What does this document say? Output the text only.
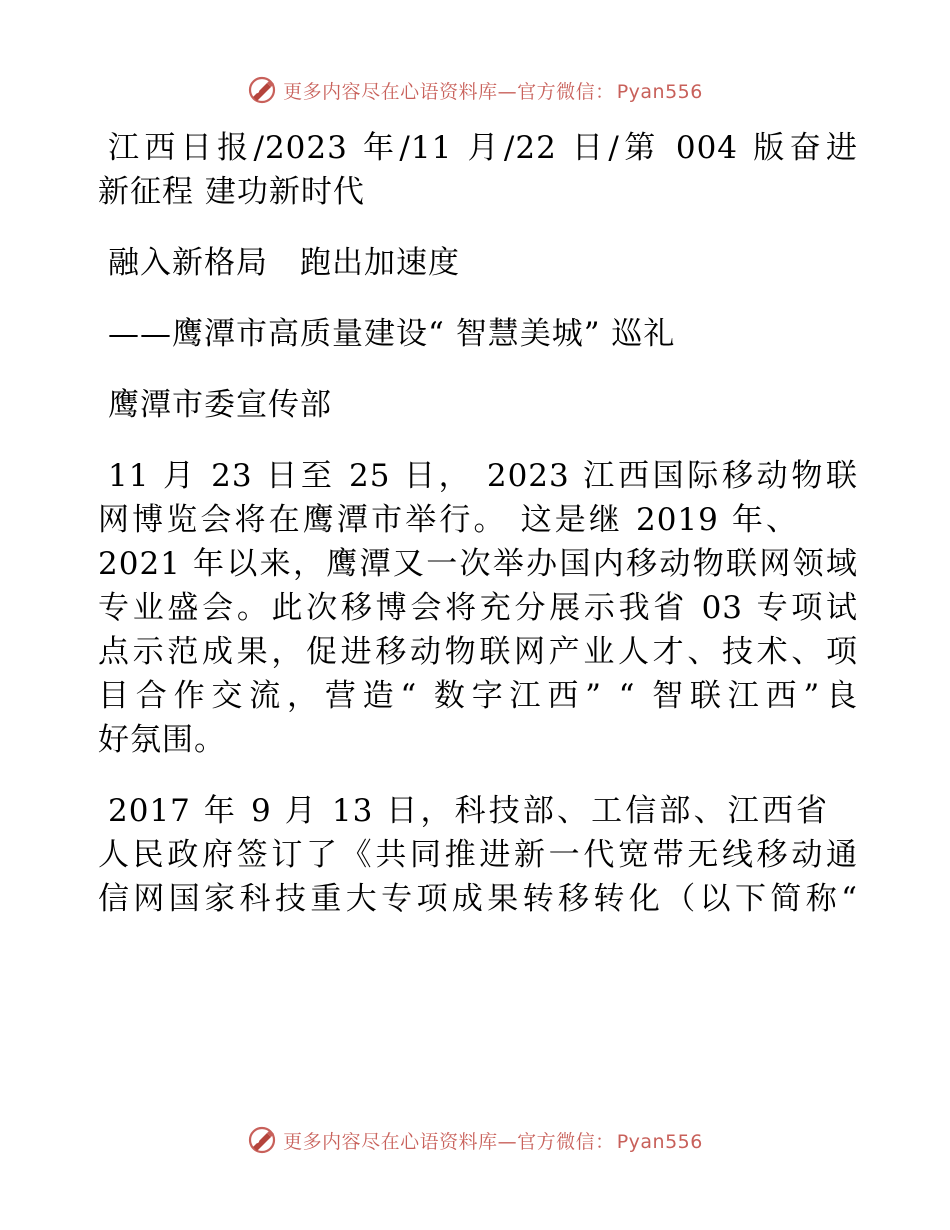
更多内容尽在心语资料库—官方微信： Pyan556
江西日报/2023 年/11 月/22 日/第 004 版奋进
新征程 建功新时代
融入新格局　跑出加速度
——鹰潭市高质量建设“ 智慧美城” 巡礼
鹰潭市委宣传部
11 月 23 日至 25 日， 2023 江西国际移动物联
网博览会将在鹰潭市举行。 这是继 2019 年、
2021 年以来，鹰潭又一次举办国内移动物联网领域
专业盛会。此次移博会将充分展示我省 03 专项试
点示范成果，促进移动物联网产业人才、技术、项
目合作交流，营造“ 数字江西” “ 智联江西”良
好氛围。
2017 年 9 月 13 日，科技部、工信部、江西省
人民政府签订了《共同推进新一代宽带无线移动通
信网国家科技重大专项成果转移转化（以下简称“
更多内容尽在心语资料库—官方微信： Pyan556
